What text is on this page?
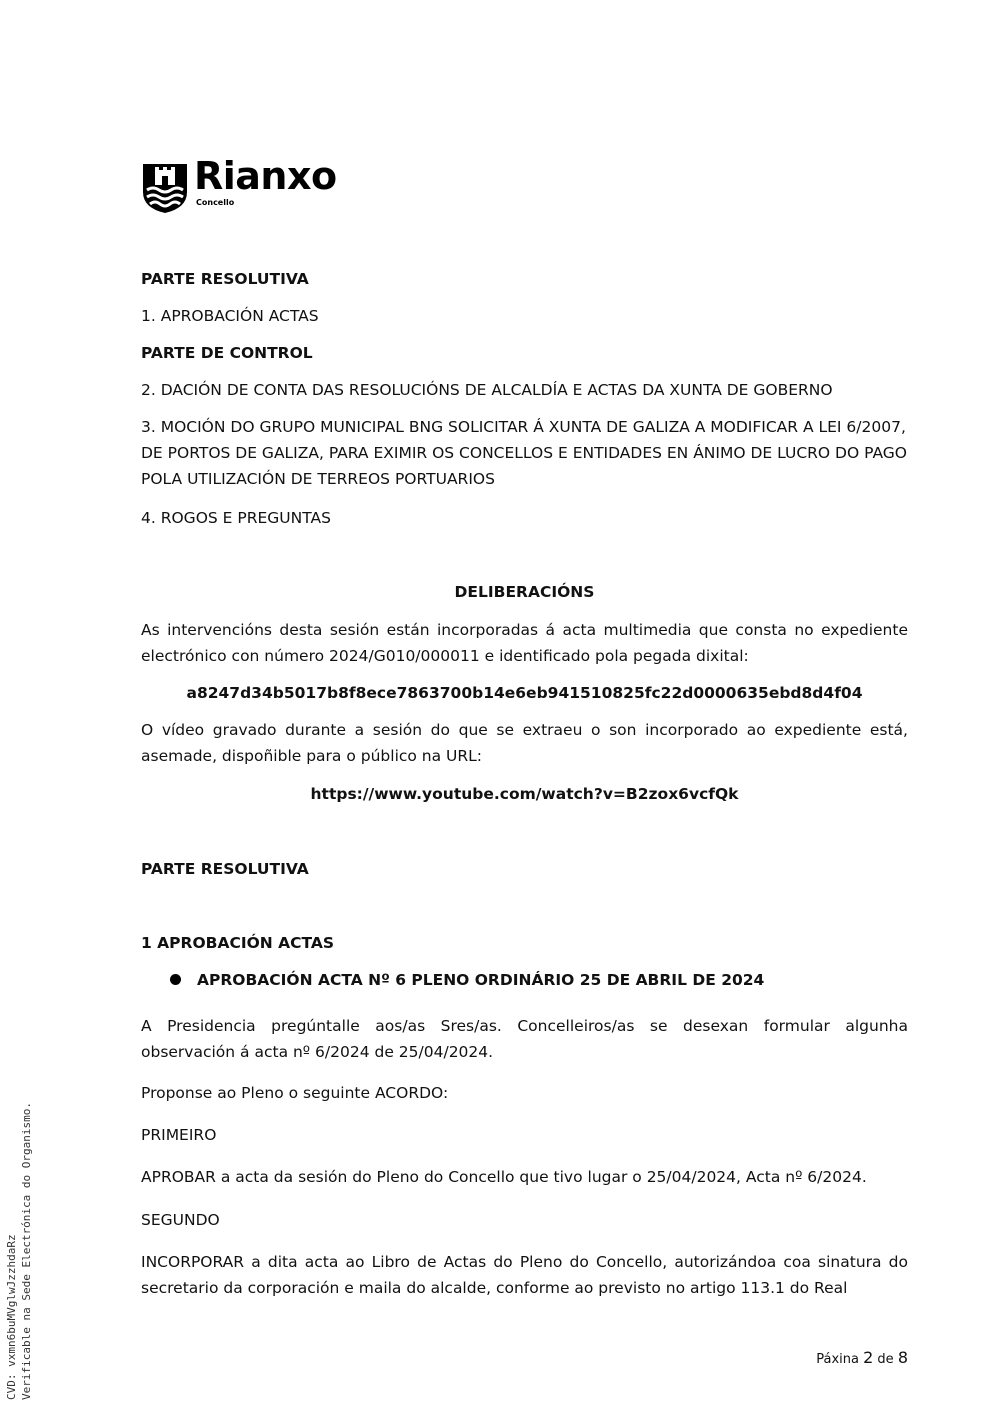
Rianxo
Concello
PARTE RESOLUTIVA
1. APROBACIÓN ACTAS
PARTE DE CONTROL
2. DACIÓN DE CONTA DAS RESOLUCIÓNS DE ALCALDÍA E ACTAS DA XUNTA DE GOBERNO
3. MOCIÓN DO GRUPO MUNICIPAL BNG SOLICITAR Á XUNTA DE GALIZA A MODIFICAR A LEI 6/2007, DE PORTOS DE GALIZA, PARA EXIMIR OS CONCELLOS E ENTIDADES EN ÁNIMO DE LUCRO DO PAGO POLA UTILIZACIÓN DE TERREOS PORTUARIOS
4. ROGOS E PREGUNTAS
DELIBERACIÓNS
As intervencións desta sesión están incorporadas á acta multimedia que consta no expediente electrónico con número 2024/G010/000011 e identificado pola pegada dixital:
a8247d34b5017b8f8ece7863700b14e6eb941510825fc22d0000635ebd8d4f04
O vídeo gravado durante a sesión do que se extraeu o son incorporado ao expediente está, asemade, dispoñible para o público na URL:
https://www.youtube.com/watch?v=B2zox6vcfQk
PARTE RESOLUTIVA
1 APROBACIÓN ACTAS
APROBACIÓN ACTA Nº 6 PLENO ORDINÁRIO 25 DE ABRIL DE 2024
A Presidencia pregúntalle aos/as Sres/as. Concelleiros/as se desexan formular algunha observación á acta nº 6/2024 de 25/04/2024.
Proponse ao Pleno o seguinte ACORDO:
PRIMEIRO
APROBAR a acta da sesión do Pleno do Concello que tivo lugar o 25/04/2024, Acta nº 6/2024.
SEGUNDO
INCORPORAR a dita acta ao Libro de Actas do Pleno do Concello, autorizándoa coa sinatura do secretario da corporación e maila do alcalde, conforme ao previsto no artigo 113.1 do Real
CVD: vxmn6buMVglwJzzhdaRz Verificable na Sede Electrónica do Organismo.	Páxina 2 de 8
